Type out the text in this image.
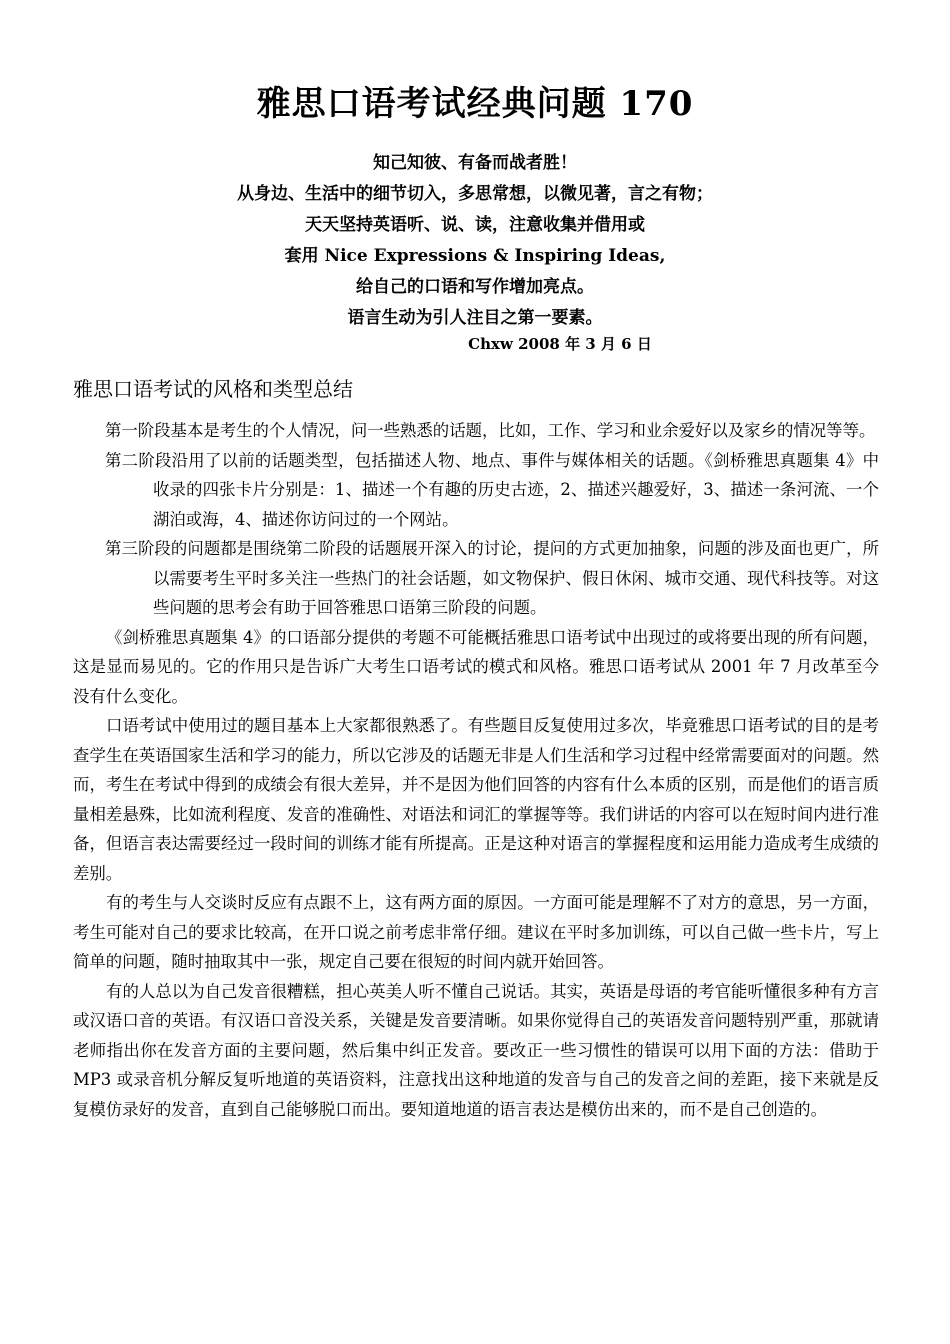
雅思口语考试经典问题 170
知己知彼、有备而战者胜！
从身边、生活中的细节切入，多思常想，以微见著，言之有物；
天天坚持英语听、说、读，注意收集并借用或
套用 Nice Expressions & Inspiring Ideas,
给自己的口语和写作增加亮点。
语言生动为引人注目之第一要素。
Chxw 2008 年 3 月 6 日
雅思口语考试的风格和类型总结

第一阶段基本是考生的个人情况，问一些熟悉的话题，比如，工作、学习和业余爱好以及家乡的情况等等。

第二阶段沿用了以前的话题类型，包括描述人物、地点、事件与媒体相关的话题。《剑桥雅思真题集 4》中收录的四张卡片分别是：1、描述一个有趣的历史古迹，2、描述兴趣爱好，3、描述一条河流、一个湖泊或海，4、描述你访问过的一个网站。

第三阶段的问题都是围绕第二阶段的话题展开深入的讨论，提问的方式更加抽象，问题的涉及面也更广，所以需要考生平时多关注一些热门的社会话题，如文物保护、假日休闲、城市交通、现代科技等。对这些问题的思考会有助于回答雅思口语第三阶段的问题。

《剑桥雅思真题集 4》的口语部分提供的考题不可能概括雅思口语考试中出现过的或将要出现的所有问题，这是显而易见的。它的作用只是告诉广大考生口语考试的模式和风格。雅思口语考试从 2001 年 7 月改革至今没有什么变化。

口语考试中使用过的题目基本上大家都很熟悉了。有些题目反复使用过多次，毕竟雅思口语考试的目的是考查学生在英语国家生活和学习的能力，所以它涉及的话题无非是人们生活和学习过程中经常需要面对的问题。然而，考生在考试中得到的成绩会有很大差异，并不是因为他们回答的内容有什么本质的区别，而是他们的语言质量相差悬殊，比如流利程度、发音的准确性、对语法和词汇的掌握等等。我们讲话的内容可以在短时间内进行准备，但语言表达需要经过一段时间的训练才能有所提高。正是这种对语言的掌握程度和运用能力造成考生成绩的差别。

有的考生与人交谈时反应有点跟不上，这有两方面的原因。一方面可能是理解不了对方的意思，另一方面，考生可能对自己的要求比较高，在开口说之前考虑非常仔细。建议在平时多加训练，可以自己做一些卡片，写上简单的问题，随时抽取其中一张，规定自己要在很短的时间内就开始回答。

有的人总以为自己发音很糟糕，担心英美人听不懂自己说话。其实，英语是母语的考官能听懂很多种有方言或汉语口音的英语。有汉语口音没关系，关键是发音要清晰。如果你觉得自己的英语发音问题特别严重，那就请老师指出你在发音方面的主要问题，然后集中纠正发音。要改正一些习惯性的错误可以用下面的方法：借助于 MP3 或录音机分解反复听地道的英语资料，注意找出这种地道的发音与自己的发音之间的差距，接下来就是反复模仿录好的发音，直到自己能够脱口而出。要知道地道的语言表达是模仿出来的，而不是自己创造的。
